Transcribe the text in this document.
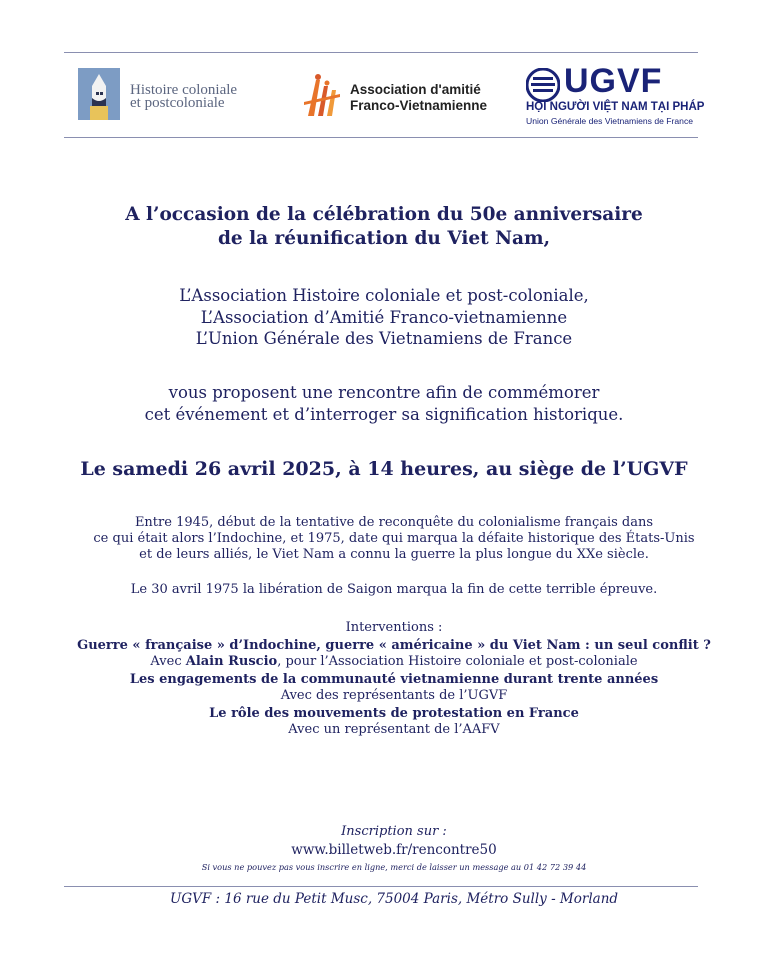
Histoire coloniale
et postcoloniale
Association d'amitié
Franco-Vietnamienne
UGVF
HỘI NGƯỜI VIỆT NAM TẠI PHÁP
Union Générale des Vietnamiens de France
A l’occasion de la célébration du 50e anniversaire
de la réunification du Viet Nam,
L’Association Histoire coloniale et post-coloniale,
L’Association d’Amitié Franco-vietnamienne
L’Union Générale des Vietnamiens de France
vous proposent une rencontre afin de commémorer
cet événement et d’interroger sa signification historique.
Le samedi 26 avril 2025, à 14 heures, au siège de l’UGVF
Entre 1945, début de la tentative de reconquête du colonialisme français dans
ce qui était alors l’Indochine, et 1975, date qui marqua la défaite historique des États-Unis
et de leurs alliés, le Viet Nam a connu la guerre la plus longue du XXe siècle.
Le 30 avril 1975 la libération de Saigon marqua la fin de cette terrible épreuve.
Interventions :
Guerre « française » d’Indochine, guerre « américaine » du Viet Nam : un seul conflit ?
Avec Alain Ruscio, pour l’Association Histoire coloniale et post-coloniale
Les engagements de la communauté vietnamienne durant trente années
Avec des représentants de l’UGVF
Le rôle des mouvements de protestation en France
Avec un représentant de l’AAFV
Inscription sur :
www.billetweb.fr/rencontre50
Si vous ne pouvez pas vous inscrire en ligne, merci de laisser un message au 01 42 72 39 44
UGVF : 16 rue du Petit Musc, 75004 Paris, Métro Sully - Morland
